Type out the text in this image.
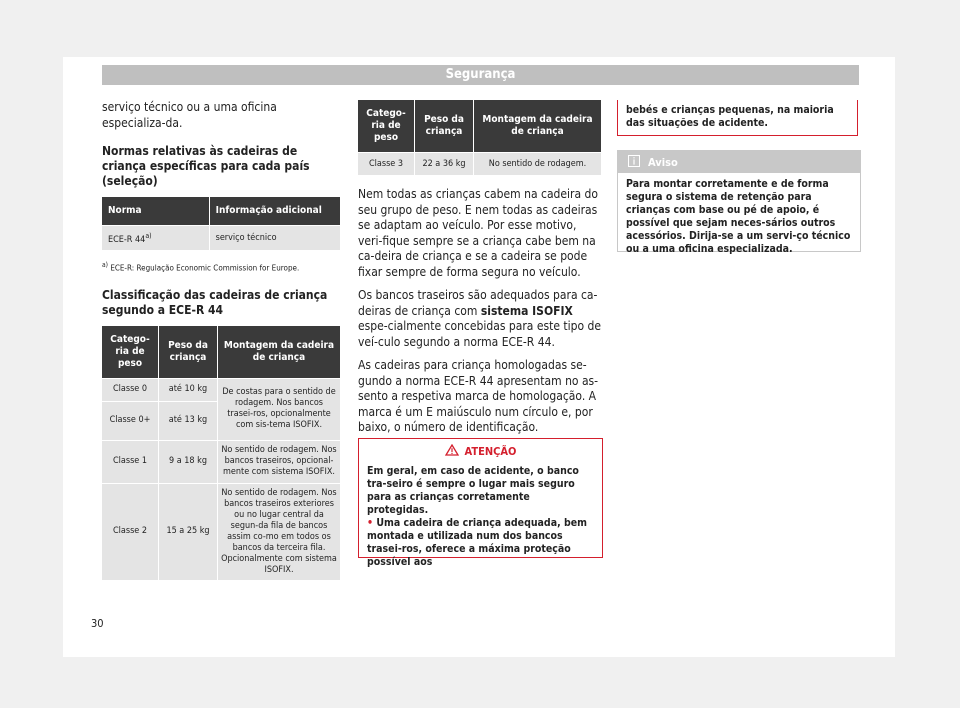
Segurança

serviço técnico ou a uma oficina especializa-da.

Normas relativas às cadeiras de criança específicas para cada país (seleção)

Norma	Informação adicional
ECE-R 44$^{a)}$	serviço técnico

$^{a)}$ ECE-R: Regulação Economic Commission for Europe.

Classificação das cadeiras de criança segundo a ECE-R 44

Catego-ria de peso	Peso da criança	Montagem da cadeira de criança
Classe 0	até 10 kg	De costas para o sentido de rodagem. Nos bancos trasei-ros, opcionalmente com sis-tema ISOFIX.
Classe 0+	até 13 kg	
Classe 1	9 a 18 kg	No sentido de rodagem. Nos bancos traseiros, opcional-mente com sistema ISOFIX.
Classe 2	15 a 25 kg	No sentido de rodagem. Nos bancos traseiros exteriores ou no lugar central da segun-da fila de bancos assim co-mo em todos os bancos da terceira fila. Opcionalmente com sistema ISOFIX.
Catego-ria de peso	Peso da criança	Montagem da cadeira de criança
Classe 3	22 a 36 kg	No sentido de rodagem.

Nem todas as crianças cabem na cadeira do seu grupo de peso. E nem todas as cadeiras se adaptam ao veículo. Por esse motivo, veri-fique sempre se a criança cabe bem na ca-deira de criança e se a cadeira se pode fixar sempre de forma segura no veículo.

Os bancos traseiros são adequados para ca-deiras de criança com sistema ISOFIX espe-cialmente concebidas para este tipo de veí-culo segundo a norma ECE-R 44.

As cadeiras para criança homologadas se-gundo a norma ECE-R 44 apresentam no as-sento a respetiva marca de homologação. A marca é um E maiúsculo num círculo e, por baixo, o número de identificação.

ATENÇÃO

Em geral, em caso de acidente, o banco tra-seiro é sempre o lugar mais seguro para as crianças corretamente protegidas.

• Uma cadeira de criança adequada, bem montada e utilizada num dos bancos trasei-ros, oferece a máxima proteção possível aos

bebés e crianças pequenas, na maioria das situações de acidente.
Aviso
Para montar corretamente e de forma segura o sistema de retenção para crianças com base ou pé de apoio, é possível que sejam neces-sários outros acessórios. Dirija-se a um servi-ço técnico ou a uma oficina especializada.
30
